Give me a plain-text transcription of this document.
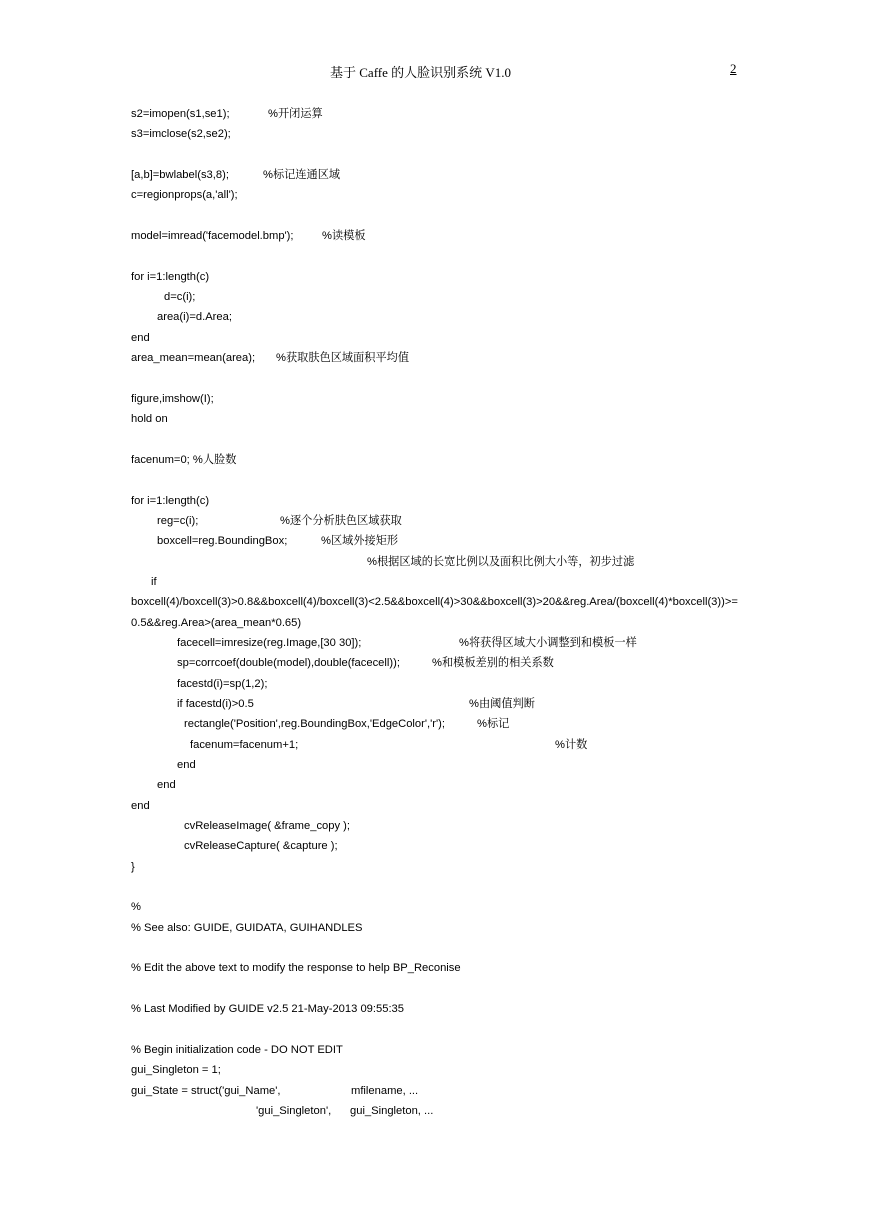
基于 Caffe 的人脸识别系统 V1.0	2
s2=imopen(s1,se1);	%开闭运算
s3=imclose(s2,se2);
[a,b]=bwlabel(s3,8);	%标记连通区域
c=regionprops(a,'all');
model=imread('facemodel.bmp');	%读模板
for i=1:length(c)
d=c(i);
area(i)=d.Area;
end
area_mean=mean(area); %获取肤色区域面积平均值
figure,imshow(I);
hold on
facenum=0; %人脸数
for i=1:length(c)
reg=c(i);	%逐个分析肤色区域获取
boxcell=reg.BoundingBox;	%区域外接矩形
%根据区域的长宽比例以及面积比例大小等，初步过滤
if
boxcell(4)/boxcell(3)>0.8&&boxcell(4)/boxcell(3)<2.5&&boxcell(4)>30&&boxcell(3)>20&&reg.Area/(boxcell(4)*boxcell(3))>=0.5&&reg.Area>(area_mean*0.65)
facecell=imresize(reg.Image,[30 30]);	%将获得区域大小调整到和模板一样
sp=corrcoef(double(model),double(facecell));	%和模板差别的相关系数
facestd(i)=sp(1,2);
if facestd(i)>0.5	%由阈值判断
rectangle('Position',reg.BoundingBox,'EdgeColor','r');	%标记
facenum=facenum+1;	%计数
end
end
end
cvReleaseImage( &frame_copy );
cvReleaseCapture( &capture );
}
%
% See also: GUIDE, GUIDATA, GUIHANDLES
% Edit the above text to modify the response to help BP_Reconise
% Last Modified by GUIDE v2.5 21-May-2013 09:55:35
% Begin initialization code - DO NOT EDIT
gui_Singleton = 1;
gui_State = struct('gui_Name',	mfilename, ...
'gui_Singleton', gui_Singleton, ...
